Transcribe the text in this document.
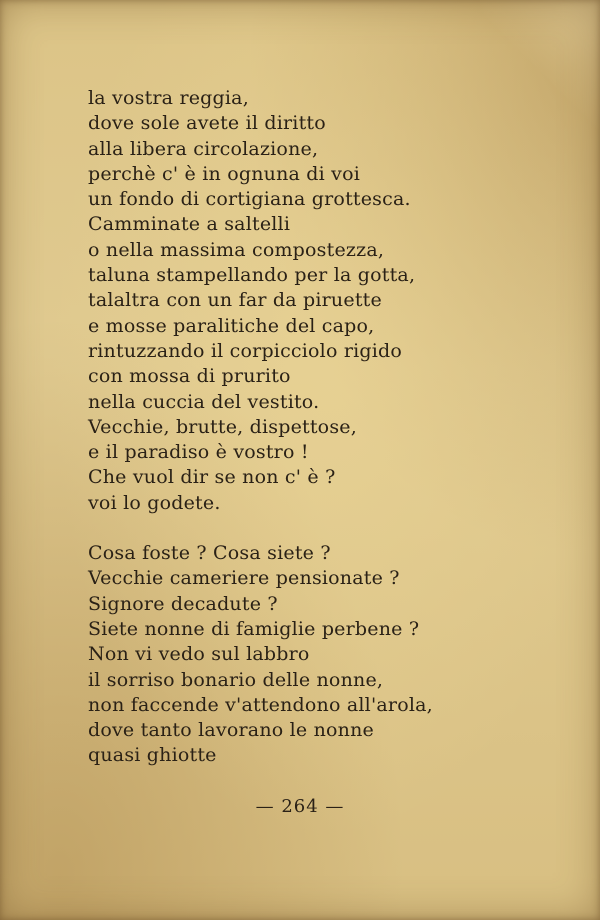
la vostra reggia,
dove sole avete il diritto
alla libera circolazione,
perchè c' è in ognuna di voi
un fondo di cortigiana grottesca.
Camminate a saltelli
o nella massima compostezza,
taluna stampellando per la gotta,
talaltra con un far da piruette
e mosse paralitiche del capo,
rintuzzando il corpicciolo rigido
con mossa di prurito
nella cuccia del vestito.
Vecchie, brutte, dispettose,
e il paradiso è vostro !
Che vuol dir se non c' è ?
voi lo godete.
Cosa foste ? Cosa siete ?
Vecchie cameriere pensionate ?
Signore decadute ?
Siete nonne di famiglie perbene ?
Non vi vedo sul labbro
il sorriso bonario delle nonne,
non faccende v'attendono all'arola,
dove tanto lavorano le nonne
quasi ghiotte
— 264 —
